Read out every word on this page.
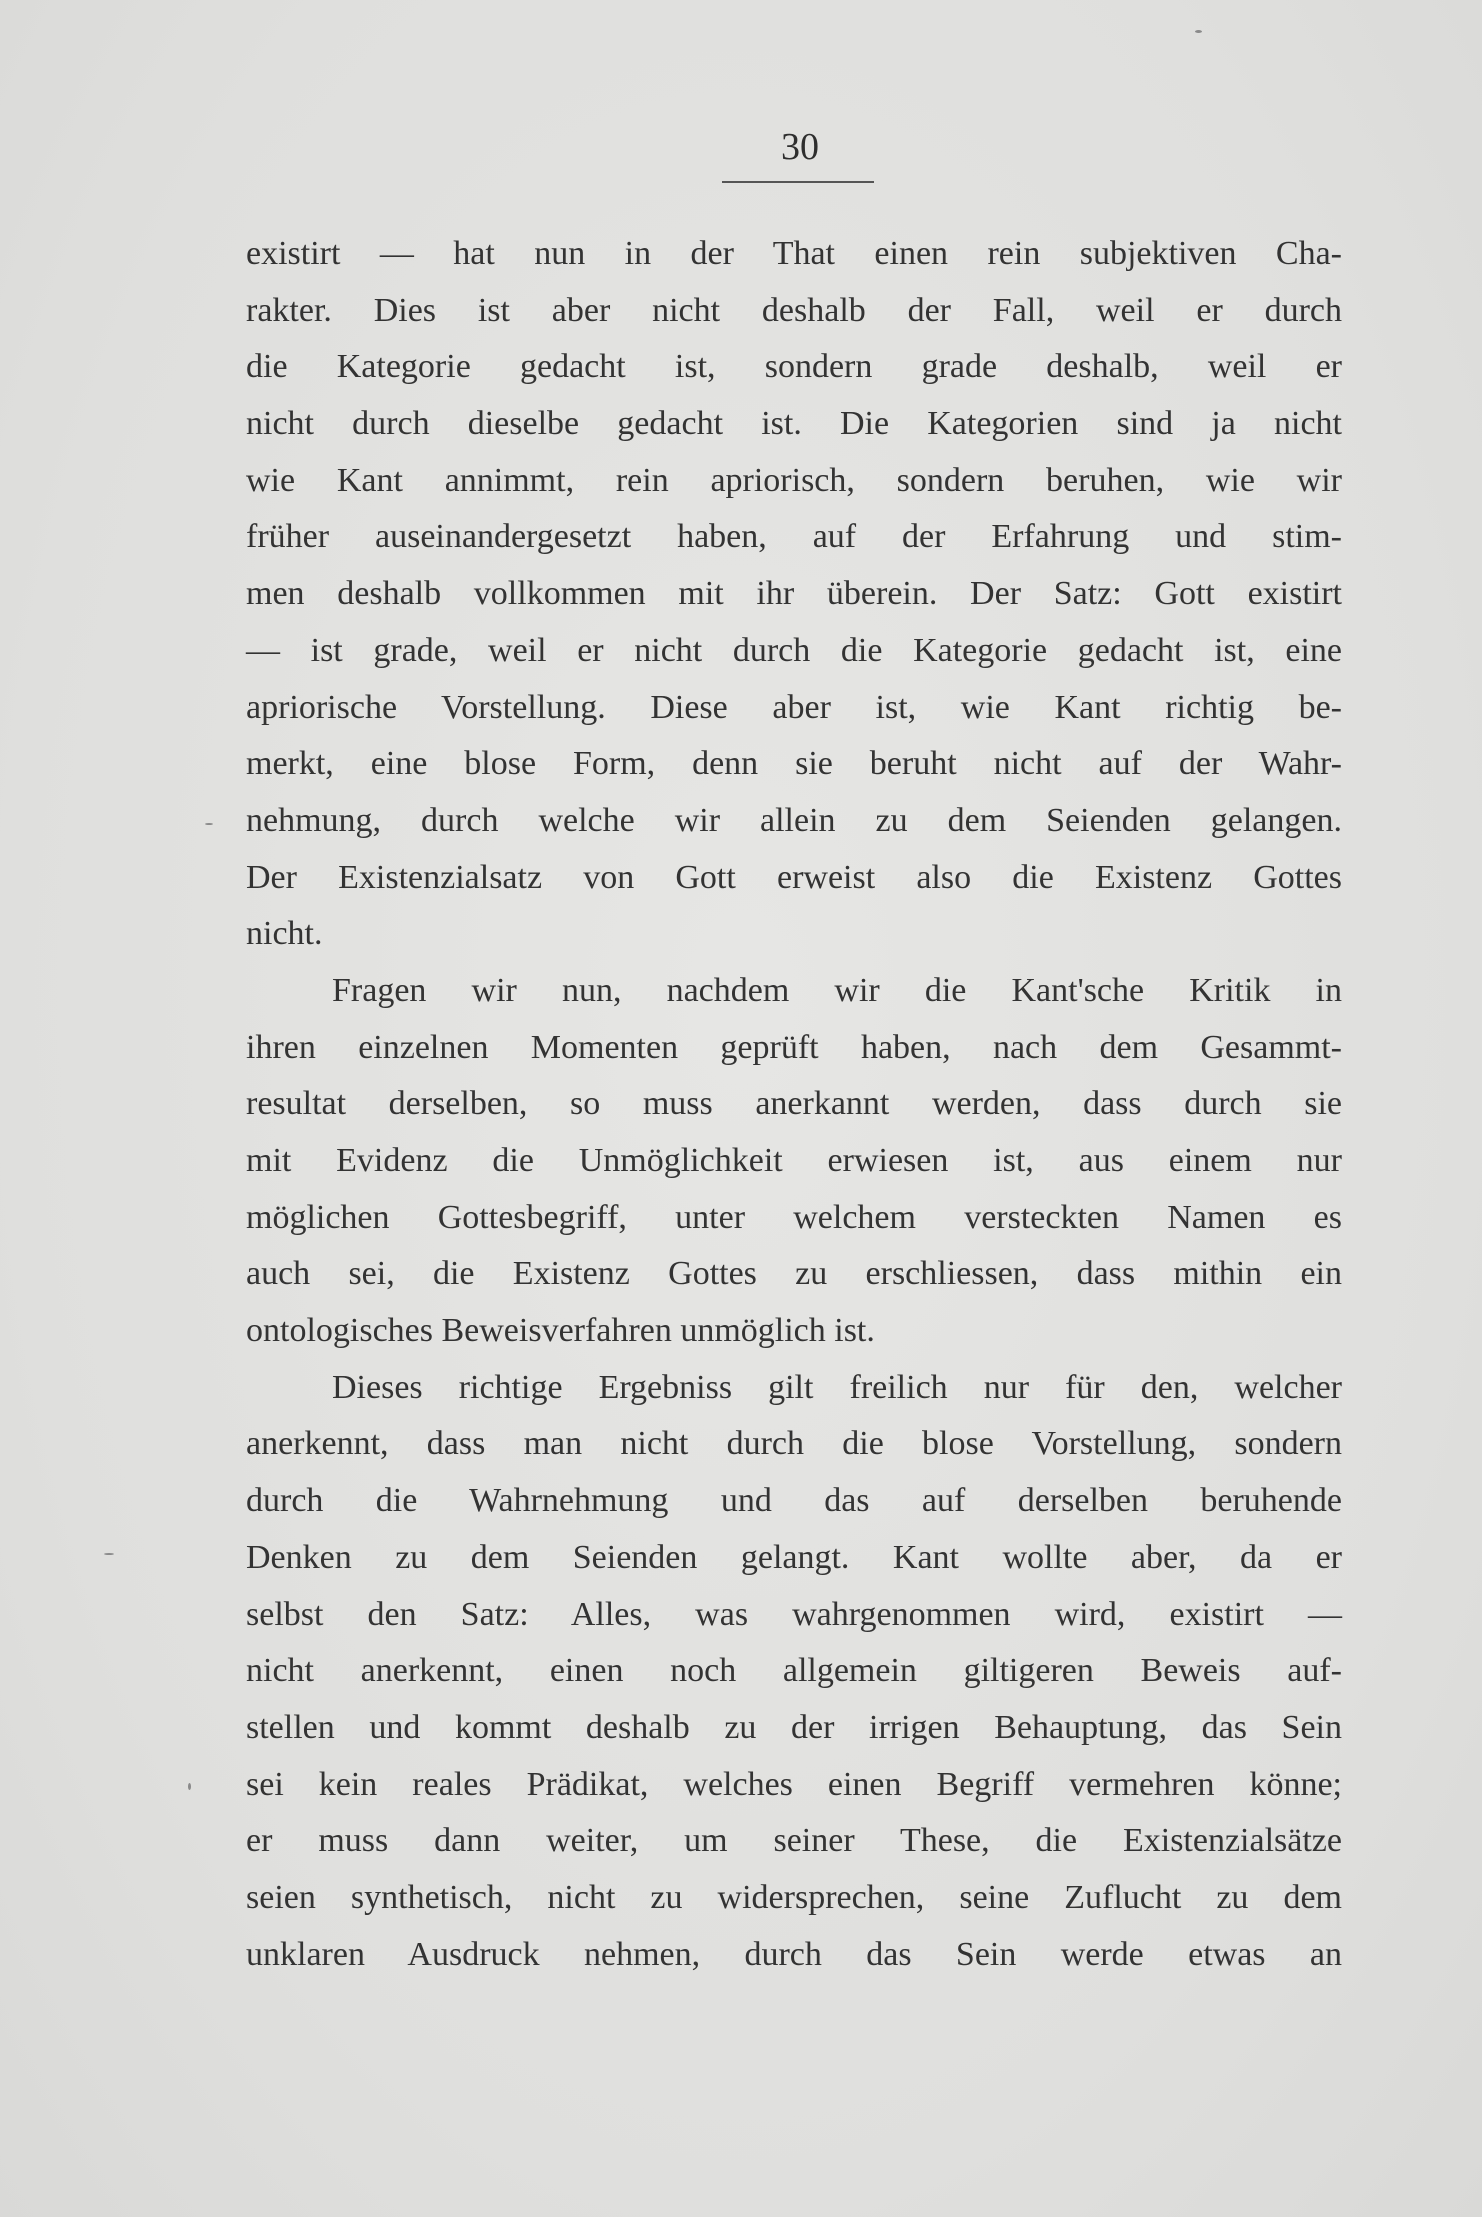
30
existirt — hat nun in der That einen rein subjektiven Cha-
rakter. Dies ist aber nicht deshalb der Fall, weil er durch
die Kategorie gedacht ist, sondern grade deshalb, weil er
nicht durch dieselbe gedacht ist. Die Kategorien sind ja nicht
wie Kant annimmt, rein apriorisch, sondern beruhen, wie wir
früher auseinandergesetzt haben, auf der Erfahrung und stim-
men deshalb vollkommen mit ihr überein. Der Satz: Gott existirt
— ist grade, weil er nicht durch die Kategorie gedacht ist, eine
apriorische Vorstellung. Diese aber ist, wie Kant richtig be-
merkt, eine blose Form, denn sie beruht nicht auf der Wahr-
nehmung, durch welche wir allein zu dem Seienden gelangen.
Der Existenzialsatz von Gott erweist also die Existenz Gottes
nicht.
Fragen wir nun, nachdem wir die Kant'sche Kritik in
ihren einzelnen Momenten geprüft haben, nach dem Gesammt-
resultat derselben, so muss anerkannt werden, dass durch sie
mit Evidenz die Unmöglichkeit erwiesen ist, aus einem nur
möglichen Gottesbegriff, unter welchem versteckten Namen es
auch sei, die Existenz Gottes zu erschliessen, dass mithin ein
ontologisches Beweisverfahren unmöglich ist.
Dieses richtige Ergebniss gilt freilich nur für den, welcher
anerkennt, dass man nicht durch die blose Vorstellung, sondern
durch die Wahrnehmung und das auf derselben beruhende
Denken zu dem Seienden gelangt. Kant wollte aber, da er
selbst den Satz: Alles, was wahrgenommen wird, existirt —
nicht anerkennt, einen noch allgemein giltigeren Beweis auf-
stellen und kommt deshalb zu der irrigen Behauptung, das Sein
sei kein reales Prädikat, welches einen Begriff vermehren könne;
er muss dann weiter, um seiner These, die Existenzialsätze
seien synthetisch, nicht zu widersprechen, seine Zuflucht zu dem
unklaren Ausdruck nehmen, durch das Sein werde etwas an
